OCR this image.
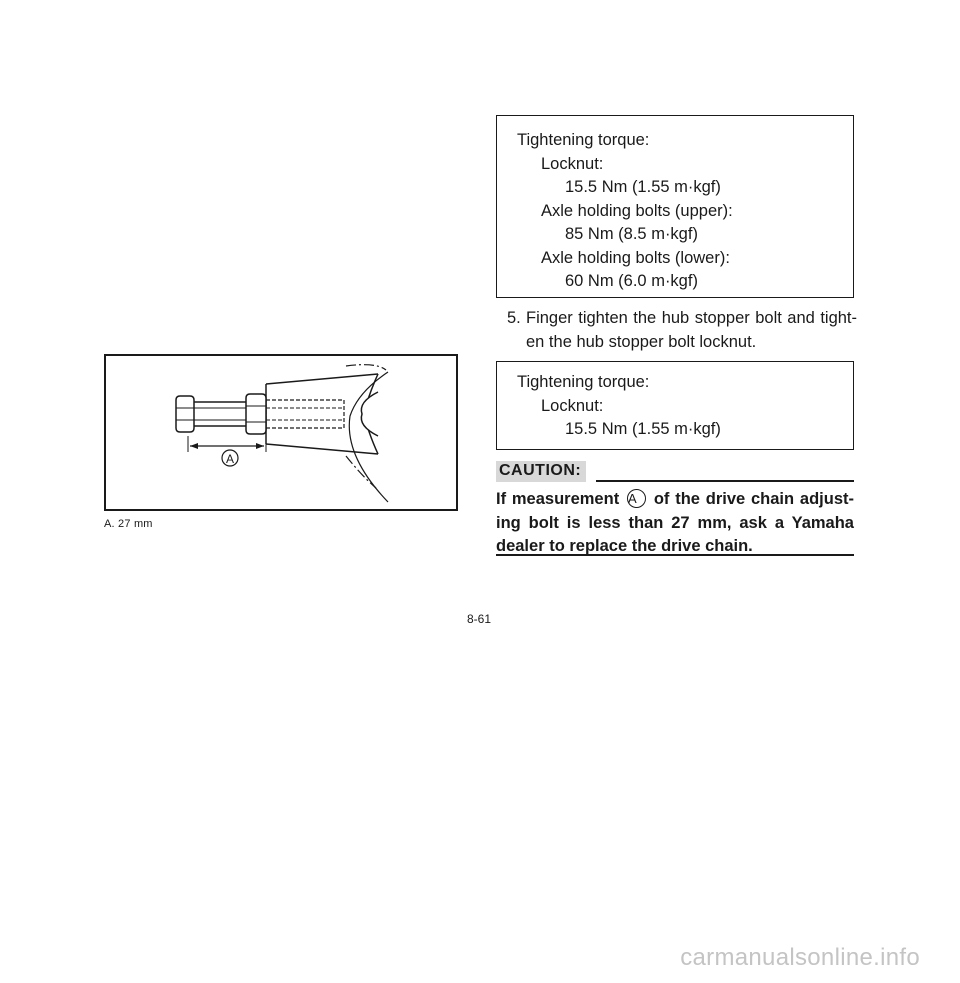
A
A. 27 mm
Tightening torque:
Locknut:
15.5 Nm (1.55 m·kgf)
Axle holding bolts (upper):
85 Nm (8.5 m·kgf)
Axle holding bolts (lower):
60 Nm (6.0 m·kgf)
5. Finger tighten the hub stopper bolt and tight-en the hub stopper bolt locknut.
Tightening torque:
Locknut:
15.5 Nm (1.55 m·kgf)
CAUTION:
If measurement A of the drive chain adjust-ing bolt is less than 27 mm, ask a Yamaha dealer to replace the drive chain.
8-61
carmanualsonline.info
